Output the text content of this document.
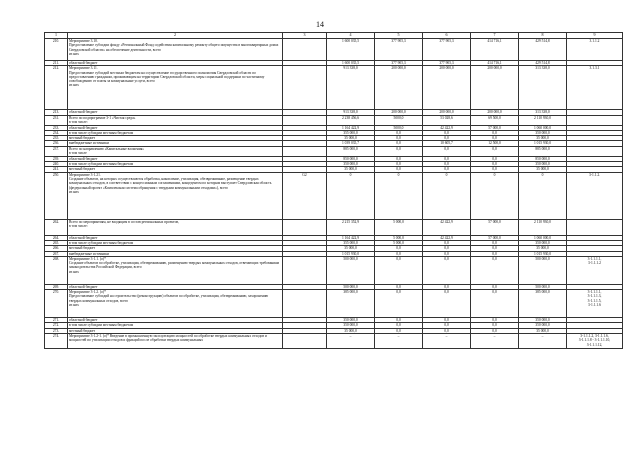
14
1	2	3	4	5	6	7	8	9
210.	Мероприятие 3.10.
Предоставление субсидии фонду «Региональный Фонд содействия капитальному ремонту общего имущества в многоквартирных домах Свердловской области» на обеспечение деятельности, всего
из них		1 600 035,5	377 905,3	377 905,3	414 716,1	429 514,8	3.1.1.2
211.	областной бюджет		1 600 035,5	377 905,3	377 905,3	414 716,1	429 514,8	
212.	Мероприятие 3.11.
Предоставление субсидий местным бюджетам на осуществление государственного полномочия Свердловской области по предоставлению гражданам, проживающим на территории Свердловской области, меры социальной поддержки по частичному освобождению от платы за коммунальные услуги, всего
из них		913 338,0	200 000,0	200 000,0	200 000,0	313 338,0	3.1.3.1
213.	областной бюджет		913 338,0	200 000,0	200 000,0	200 000,0	313 338,0	
231.	Всего по подпрограмме 3-1 «Чистая среда»
в том числе:		2 238 456,6	5000,0	53 028,6	69 500,0	2 110 930,0	
233.	областной бюджет		1 164 422,9	5000,0	42 422,9	57 000,0	1 060 000,0	
234.	в том числе субсидии местным бюджетам		355 000,0	0,0	0,0	0,0	350 000,0	
235.	местный бюджет		35 000,0	0,0	0,0	0,0	35 000,0	
236.	внебюджетные источники		1 039 035,7	0,0	10 605,7	12 500,0	1 015 930,0	
237.	Всего по направлению «Капитальные вложения»
в том числе		885 000,0	0,0	0,0	0,0	885 000,0	
239.	областной бюджет		850 000,0	0,0	0,0	0,0	850 000,0	
240.	в том числе субсидии местным бюджетам		350 000,0	0,0	0,0	0,0	350 000,0	
241.	местный бюджет		35 000,0	0,0	0,0	0,0	35 000,0	
250.	Мероприятие 3-1.21.
Создание объектов, на которых осуществляются обработка, накопление, утилизация, обезвреживание, размещение твердых коммунальных отходов, в соответствии с концессионным соглашениями, концедентом по которым выступает Свердловская область (федеральный проект «Комплексная система обращения с твердыми коммунальными отходами»), всего
из них	G2	0	0	0	0	0	3-1.1.2.
262.	Всего по мероприятиям, не входящим в состав региональных проектов,
в том числе:		2 215 352,9	5 000,0	42 422,9	57 000,0	2 110 930,0	
264.	областной бюджет		1 164 422,9	5 000,0	42 422,9	57 000,0	1 060 000,0	
265.	в том числе субсидии местным бюджетам		355 000,0	5 000,0	0,0	0,0	350 000,0	
266.	местный бюджет		35 000,0	0,0	0,0	0,0	35 000,0	
267.	внебюджетные источники		1 015 930,0	0,0	0,0	0,0	1 015 930,0	
268.	Мероприятие 3-1.1. (о)*
Создание объектов по обработке, утилизации, обезвреживанию, размещению твердых коммунальных отходов, отвечающих требованиям законодательства Российской Федерации, всего
из них		500 000,0	0,0	0,0	0,0	500 000,0	3-1.1.1.1,
3-1.1.1.2
269.	областной бюджет		500 000,0	0,0	0,0	0,0	500 000,0	
270.	Мероприятие 3-1.2. (о)*
Предоставление субсидий на строительство (реконструкцию) объектов по обработке, утилизации, обезвреживанию, захоронению твердых коммунальных отходов, всего
из них		385 000,0	0,0	0,0	0,0	385 000,0	3-1.1.1.1,
3-1.1.1.3,
3-1.1.1.5,
3-1.1.1.6
271.	областной бюджет		350 000,0	0,0	0,0	0,0	350 000,0	
272.	в том числе субсидии местным бюджетам		350 000,0	0,0	0,0	0,0	350 000,0	
273.	местный бюджет		35 000,0	0,0	0,0	0,0	35 000,0	
274.	Мероприятие 3-1.2-1. (о)* Введение в промышленную эксплуатацию мощностей по обработке твердых коммунальных отходов и мощностей по утилизации отходов и фракций после обработки твердых коммунальных		–	–	–	–	–	3-1.1.1.2, 3-1.1.1.6,
3-1.1.1.8 - 3-1.1.1.10,
3-1.1.1.12,
